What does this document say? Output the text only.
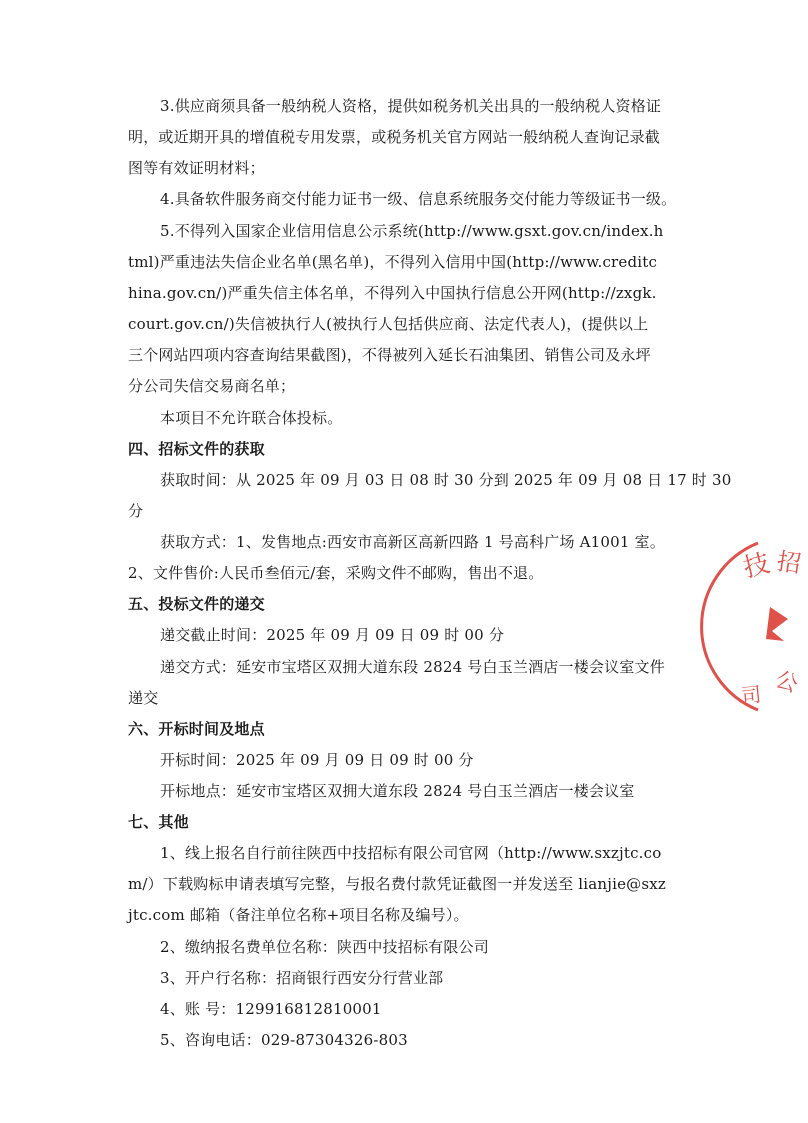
3.供应商须具备一般纳税人资格，提供如税务机关出具的一般纳税人资格证
明，或近期开具的增值税专用发票，或税务机关官方网站一般纳税人查询记录截
图等有效证明材料；
4.具备软件服务商交付能力证书一级、信息系统服务交付能力等级证书一级。
5.不得列入国家企业信用信息公示系统(http://www.gsxt.gov.cn/index.h
tml)严重违法失信企业名单(黑名单)，不得列入信用中国(http://www.creditc
hina.gov.cn/)严重失信主体名单，不得列入中国执行信息公开网(http://zxgk.
court.gov.cn/)失信被执行人(被执行人包括供应商、法定代表人)，(提供以上
三个网站四项内容查询结果截图)，不得被列入延长石油集团、销售公司及永坪
分公司失信交易商名单；
本项目不允许联合体投标。
四、招标文件的获取
获取时间：从 2025 年 09 月 03 日 08 时 30 分到 2025 年 09 月 08 日 17 时 30
分
获取方式：1、发售地点:西安市高新区高新四路 1 号高科广场 A1001 室。
2、文件售价:人民币叁佰元/套，采购文件不邮购，售出不退。
五、投标文件的递交
递交截止时间：2025 年 09 月 09 日 09 时 00 分
递交方式：延安市宝塔区双拥大道东段 2824 号白玉兰酒店一楼会议室文件
递交
六、开标时间及地点
开标时间：2025 年 09 月 09 日 09 时 00 分
开标地点：延安市宝塔区双拥大道东段 2824 号白玉兰酒店一楼会议室
七、其他
1、线上报名自行前往陕西中技招标有限公司官网（http://www.sxzjtc.co
m/）下载购标申请表填写完整，与报名费付款凭证截图一并发送至 lianjie@sxz
jtc.com 邮箱（备注单位名称+项目名称及编号）。
2、缴纳报名费单位名称：陕西中技招标有限公司
3、开户行名称：招商银行西安分行营业部
4、账 号：129916812810001
5、咨询电话：029-87304326-803
技 招
公
司
